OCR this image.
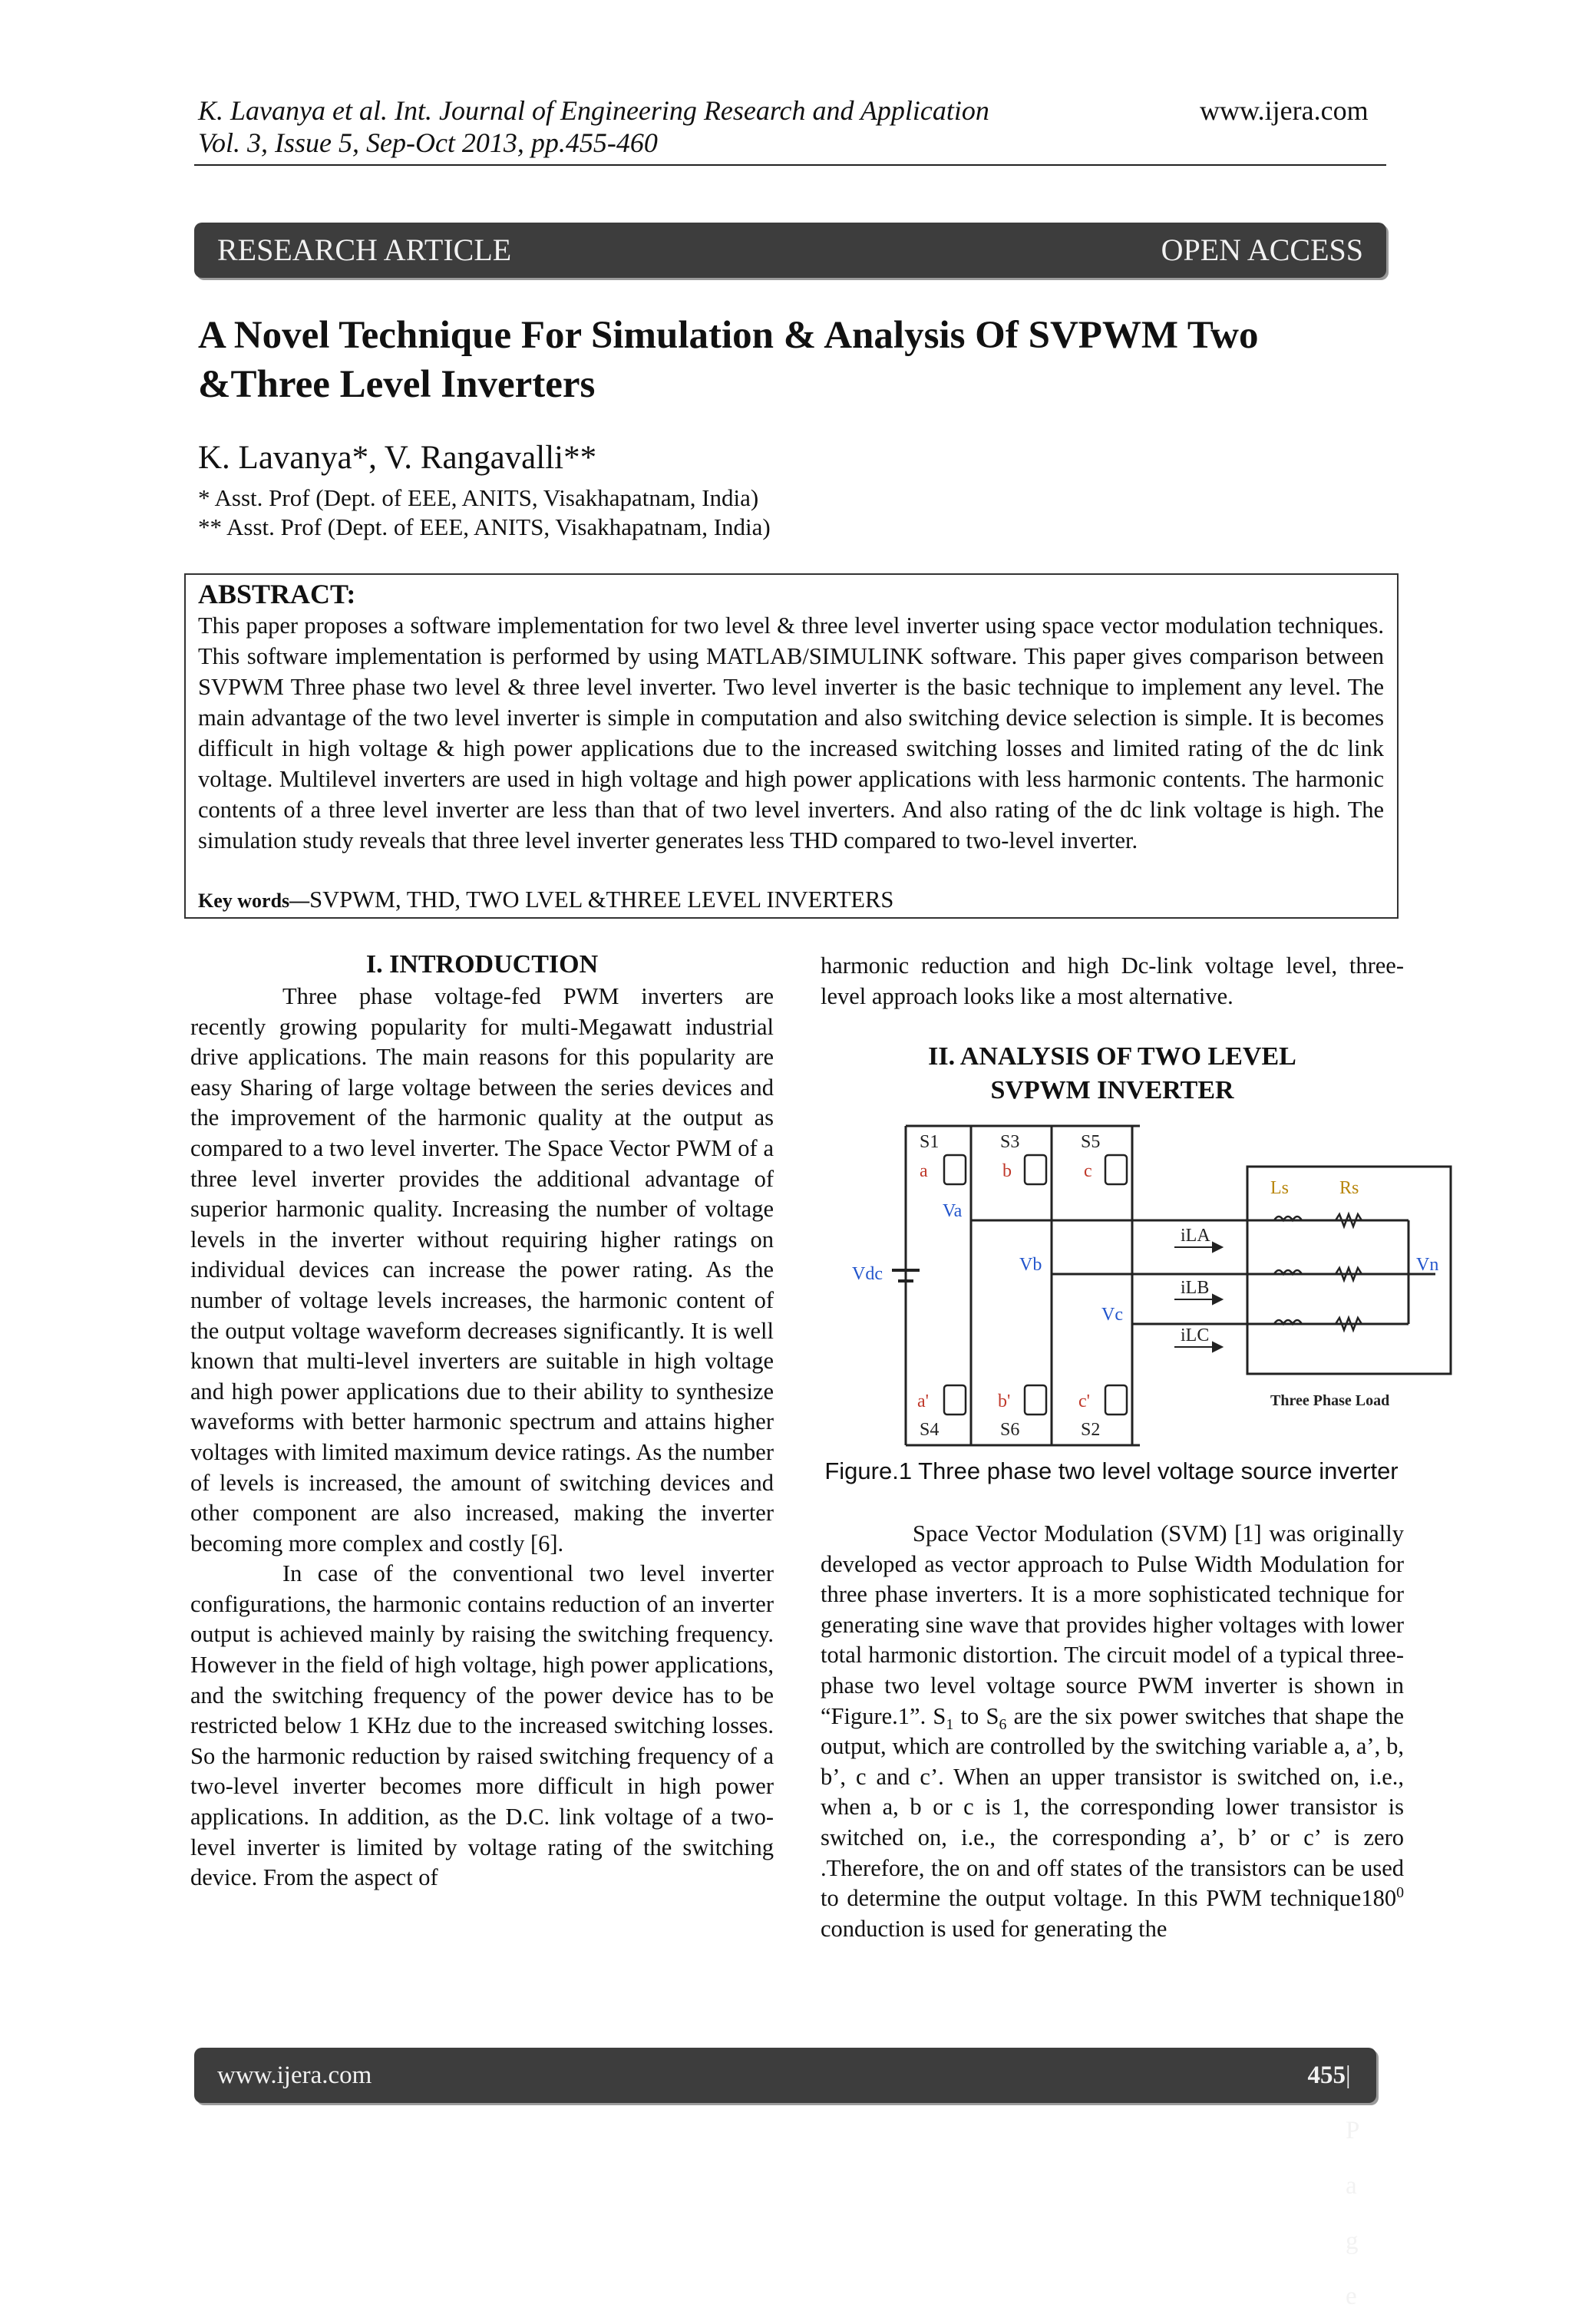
K. Lavanya et al. Int. Journal of Engineering Research and Application
Vol. 3, Issue 5, Sep-Oct 2013, pp.455-460
www.ijera.com
RESEARCH ARTICLE	OPEN ACCESS
A Novel Technique For Simulation & Analysis Of SVPWM Two
&Three Level Inverters
K. Lavanya*, V. Rangavalli**
* Asst. Prof (Dept. of EEE, ANITS, Visakhapatnam, India)
** Asst. Prof (Dept. of EEE, ANITS, Visakhapatnam, India)
ABSTRACT:
This paper proposes a software implementation for two level & three level inverter using space vector modulation techniques. This software implementation is performed by using MATLAB/SIMULINK software. This paper gives comparison between SVPWM Three phase two level & three level inverter. Two level inverter is the basic technique to implement any level. The main advantage of the two level inverter is simple in computation and also switching device selection is simple. It is becomes difficult in high voltage & high power applications due to the increased switching losses and limited rating of the dc link voltage. Multilevel inverters are used in high voltage and high power applications with less harmonic contents. The harmonic contents of a three level inverter are less than that of two level inverters. And also rating of the dc link voltage is high. The simulation study reveals that three level inverter generates less THD compared to two-level inverter.
Key words—SVPWM, THD, TWO LVEL &THREE LEVEL INVERTERS
I. INTRODUCTION

Three phase voltage-fed PWM inverters are recently growing popularity for multi-Megawatt industrial drive applications. The main reasons for this popularity are easy Sharing of large voltage between the series devices and the improvement of the harmonic quality at the output as compared to a two level inverter. The Space Vector PWM of a three level inverter provides the additional advantage of superior harmonic quality. Increasing the number of voltage levels in the inverter without requiring higher ratings on individual devices can increase the power rating. As the number of voltage levels increases, the harmonic content of the output voltage waveform decreases significantly. It is well known that multi-level inverters are suitable in high voltage and high power applications due to their ability to synthesize waveforms with better harmonic spectrum and attains higher voltages with limited maximum device ratings. As the number of levels is increased, the amount of switching devices and other component are also increased, making the inverter becoming more complex and costly [6].

In case of the conventional two level inverter configurations, the harmonic contains reduction of an inverter output is achieved mainly by raising the switching frequency. However in the field of high voltage, high power applications, and the switching frequency of the power device has to be restricted below 1 KHz due to the increased switching losses. So the harmonic reduction by raised switching frequency of a two-level inverter becomes more difficult in high power applications. In addition, as the D.C. link voltage of a two-level inverter is limited by voltage rating of the switching device. From the aspect of

harmonic reduction and high Dc-link voltage level, three-level approach looks like a most alternative.
II. ANALYSIS OF TWO LEVEL
SVPWM INVERTER
S1	S3	S5
a	b	c
Va
Vb
Vc
Vdc
iLA
iLB
iLC
Ls	Rs
Vn
a'	b'	c'
S4	S6	S2
Three Phase Load
Figure.1 Three phase two level voltage source inverter

Space Vector Modulation (SVM) [1] was originally developed as vector approach to Pulse Width Modulation for three phase inverters. It is a more sophisticated technique for generating sine wave that provides higher voltages with lower total harmonic distortion. The circuit model of a typical three-phase two level voltage source PWM inverter is shown in “Figure.1”. $S_1$ to $S_6$ are the six power switches that shape the output, which are controlled by the switching variable a, a’, b, b’, c and c’. When an upper transistor is switched on, i.e., when a, b or c is 1, the corresponding lower transistor is switched on, i.e., the corresponding a’, b’ or c’ is zero .Therefore, the on and off states of the transistors can be used to determine the output voltage. In this PWM $technique180^0$ conduction is used for generating the

www.ijera.com	455 | P a g e
